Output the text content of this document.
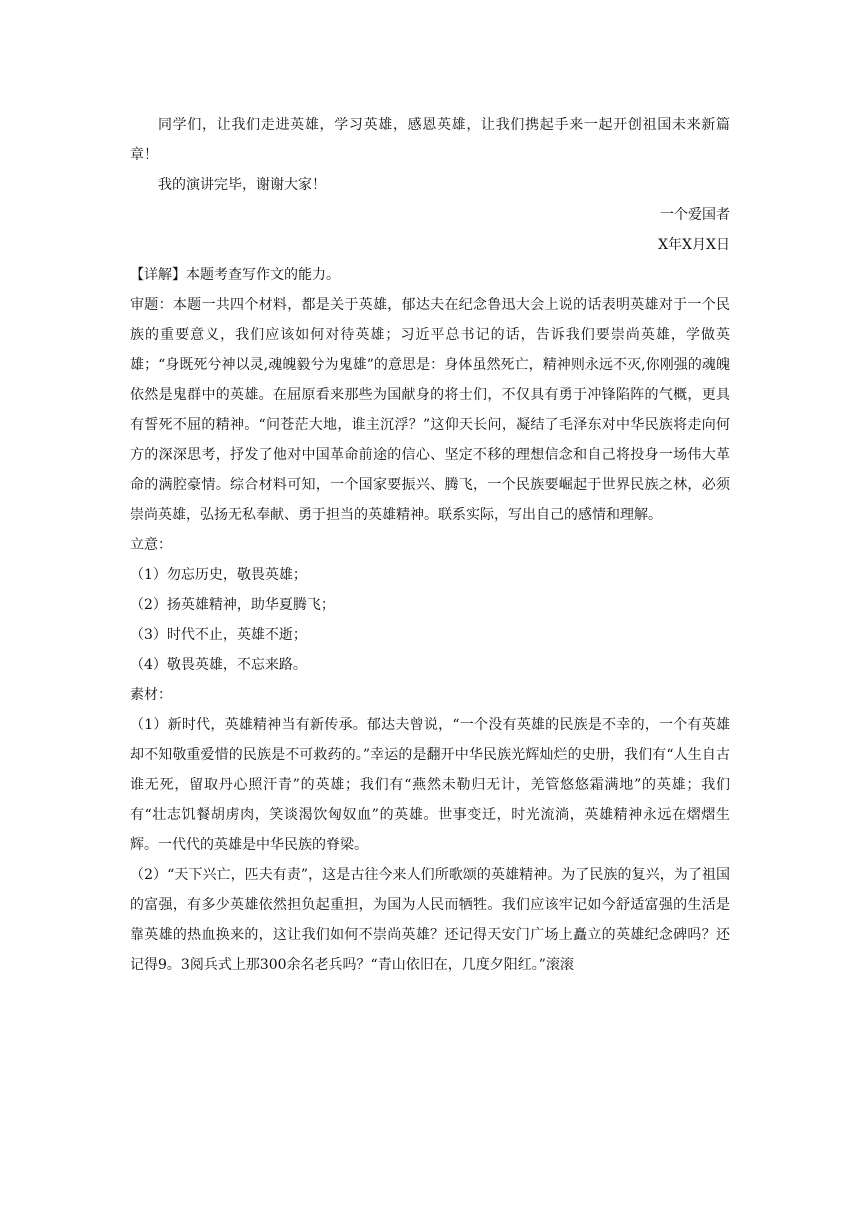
同学们，让我们走进英雄，学习英雄，感恩英雄，让我们携起手来一起开创祖国未来新篇章！

我的演讲完毕，谢谢大家！

一个爱国者

X年X月X日

【详解】本题考查写作文的能力。

审题：本题一共四个材料，都是关于英雄，郁达夫在纪念鲁迅大会上说的话表明英雄对于一个民族的重要意义，我们应该如何对待英雄；习近平总书记的话，告诉我们要崇尚英雄，学做英雄；“身既死兮神以灵,魂魄毅兮为鬼雄”的意思是：身体虽然死亡，精神则永远不灭,你刚强的魂魄依然是鬼群中的英雄。在屈原看来那些为国献身的将士们，不仅具有勇于冲锋陷阵的气概，更具有誓死不屈的精神。“问苍茫大地，谁主沉浮？”这仰天长问，凝结了毛泽东对中华民族将走向何方的深深思考，抒发了他对中国革命前途的信心、坚定不移的理想信念和自己将投身一场伟大革命的满腔豪情。综合材料可知，一个国家要振兴、腾飞，一个民族要崛起于世界民族之林，必须崇尚英雄，弘扬无私奉献、勇于担当的英雄精神。联系实际，写出自己的感情和理解。

立意：

（1）勿忘历史，敬畏英雄；

（2）扬英雄精神，助华夏腾飞；

（3）时代不止，英雄不逝；

（4）敬畏英雄，不忘来路。

素材：

（1）新时代，英雄精神当有新传承。郁达夫曾说，“一个没有英雄的民族是不幸的，一个有英雄却不知敬重爱惜的民族是不可救药的。”幸运的是翻开中华民族光辉灿烂的史册，我们有“人生自古谁无死，留取丹心照汗青”的英雄；我们有“燕然未勒归无计，羌管悠悠霜满地”的英雄；我们有“壮志饥餐胡虏肉，笑谈渴饮匈奴血”的英雄。世事变迁，时光流淌，英雄精神永远在熠熠生辉。一代代的英雄是中华民族的脊梁。

（2）“天下兴亡，匹夫有责”，这是古往今来人们所歌颂的英雄精神。为了民族的复兴，为了祖国的富强，有多少英雄依然担负起重担，为国为人民而牺牲。我们应该牢记如今舒适富强的生活是靠英雄的热血换来的，这让我们如何不崇尚英雄？还记得天安门广场上矗立的英雄纪念碑吗？还记得9。3阅兵式上那300余名老兵吗？“青山依旧在，几度夕阳红。”滚滚
